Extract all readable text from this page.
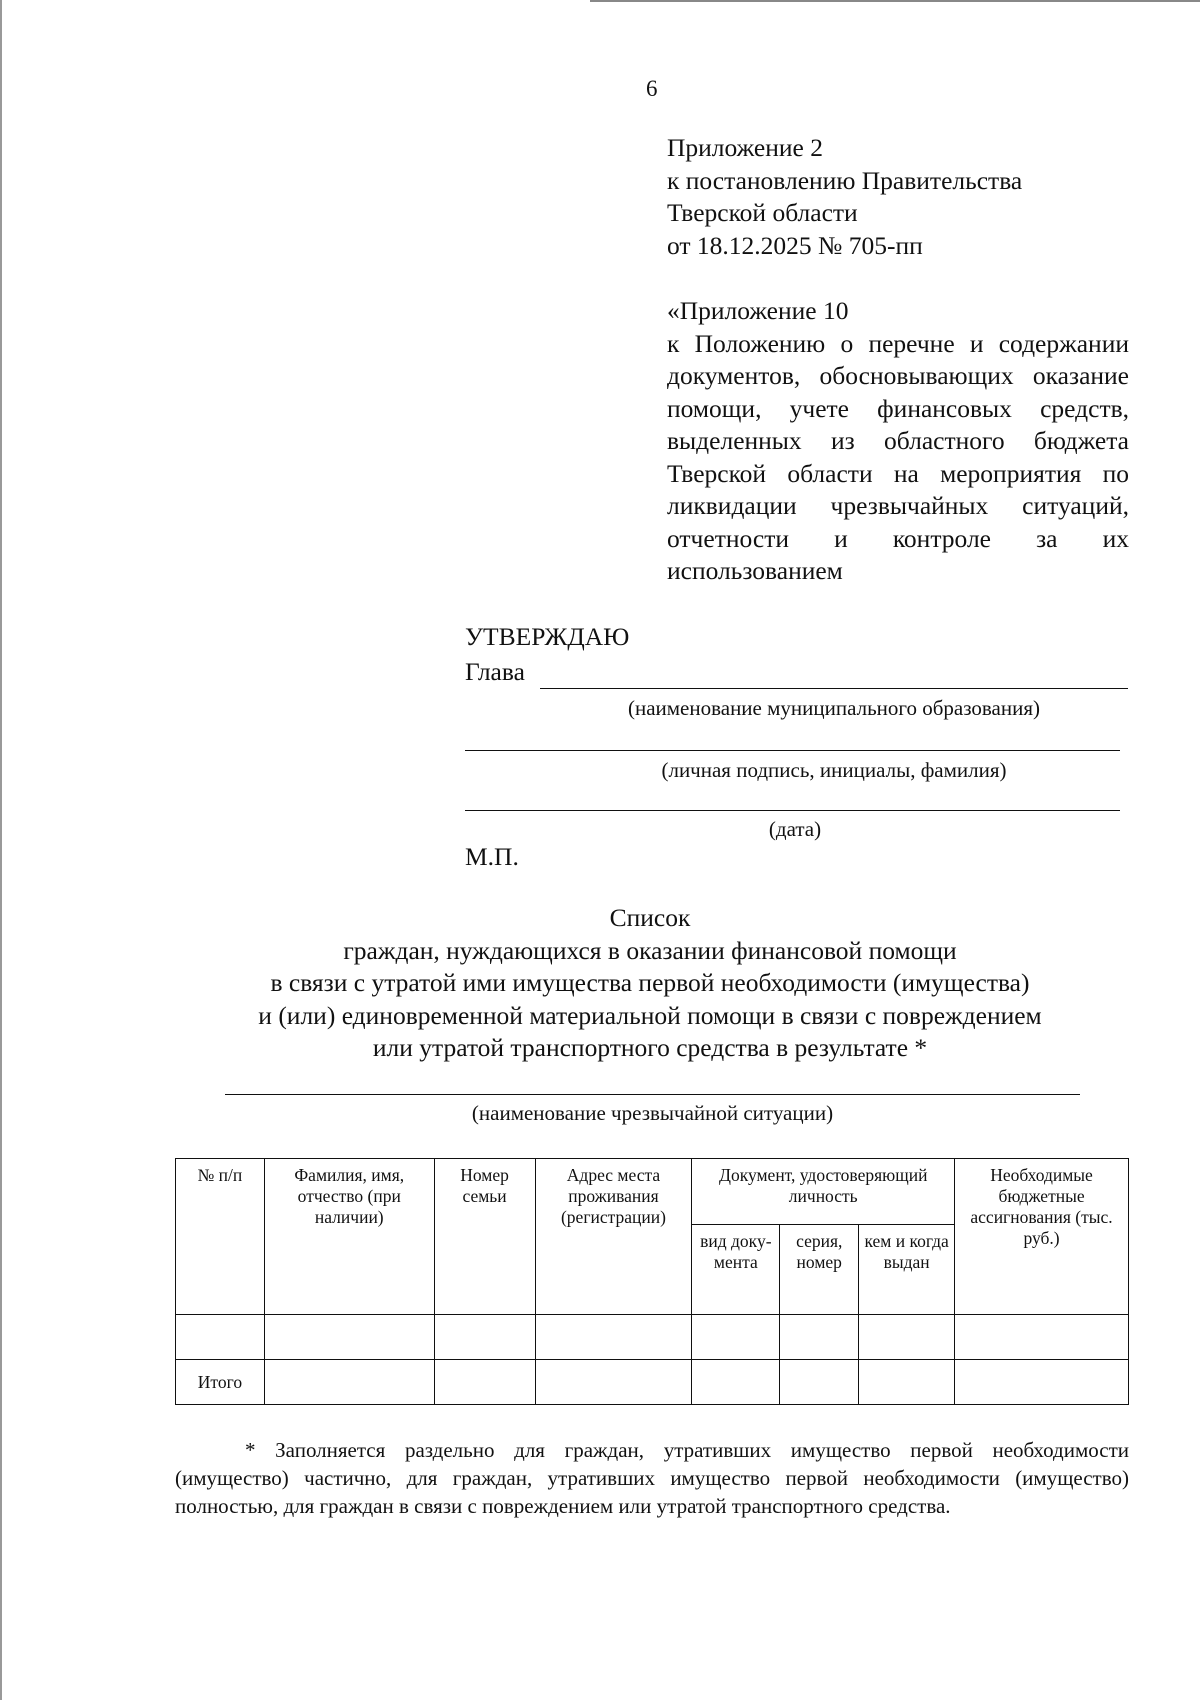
6
Приложение 2
к постановлению Правительства
Тверской области
от 18.12.2025 № 705-пп
«Приложение 10
к Положению о перечне и содержании документов, обосновывающих оказание помощи, учете финансовых средств, выделенных из областного бюджета Тверской области на мероприятия по ликвидации чрезвычайных ситуаций, отчетности и контроле за их использованием
УТВЕРЖДАЮ
Глава
(наименование муниципального образования)
(личная подпись, инициалы, фамилия)
(дата)
М.П.
Список
граждан, нуждающихся в оказании финансовой помощи
в связи с утратой ими имущества первой необходимости (имущества)
и (или) единовременной материальной помощи в связи с повреждением
или утратой транспортного средства в результате *
(наименование чрезвычайной ситуации)
№ п/п	Фамилия, имя, отчество (при наличии)	Номер семьи	Адрес места проживания (регистрации)	Документ, удостоверяющий личность			Необходимые бюджетные ассигнования (тыс. руб.)
				вид доку-мента	серия, номер	кем и когда выдан	

Итого							
* Заполняется раздельно для граждан, утративших имущество первой необходимости (имущество) частично, для граждан, утративших имущество первой необходимости (имущество) полностью, для граждан в связи с повреждением или утратой транспортного средства.
